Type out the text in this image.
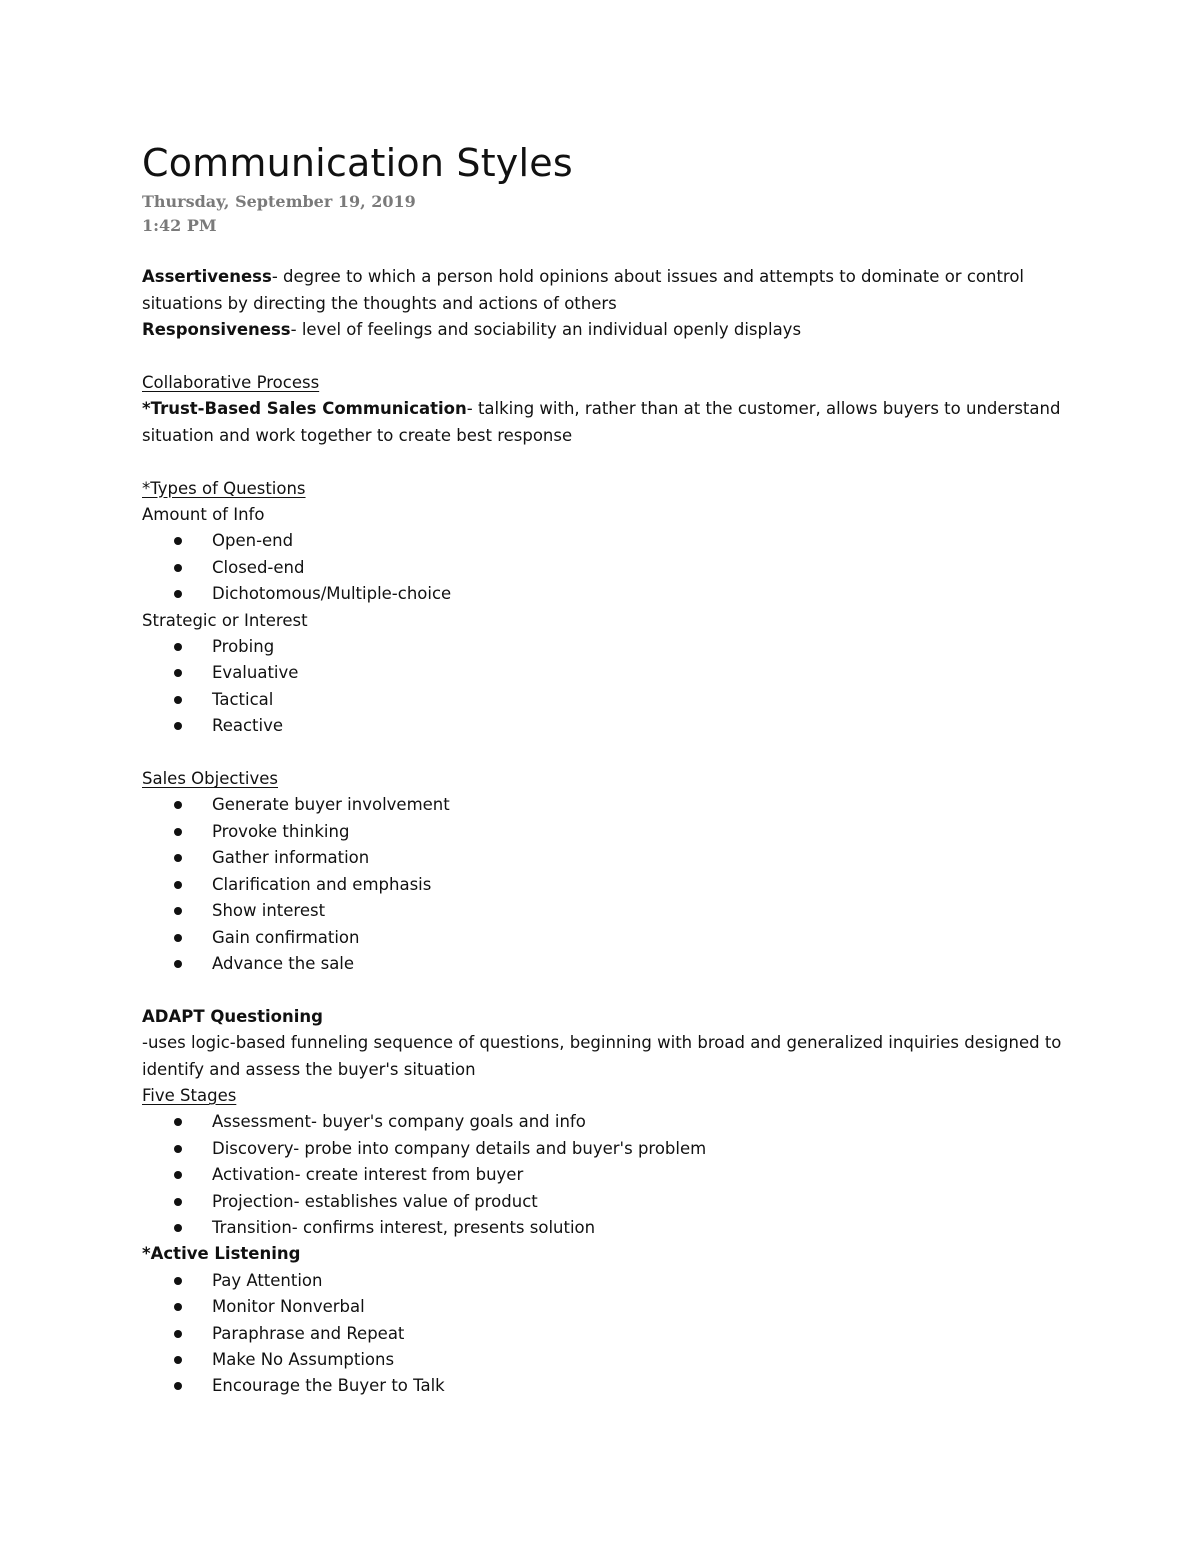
Communication Styles

Thursday, September 19, 2019

1:42 PM

Assertiveness- degree to which a person hold opinions about issues and attempts to dominate or control situations by directing the thoughts and actions of others

Responsiveness- level of feelings and sociability an individual openly displays

Collaborative Process

*Trust-Based Sales Communication- talking with, rather than at the customer, allows buyers to understand situation and work together to create best response

*Types of Questions

Amount of Info

Open-end
Closed-end
Dichotomous/Multiple-choice

Strategic or Interest

Probing
Evaluative
Tactical
Reactive

Sales Objectives

Generate buyer involvement
Provoke thinking
Gather information
Clarification and emphasis
Show interest
Gain confirmation
Advance the sale

ADAPT Questioning

-uses logic-based funneling sequence of questions, beginning with broad and generalized inquiries designed to identify and assess the buyer's situation

Five Stages

Assessment- buyer's company goals and info
Discovery- probe into company details and buyer's problem
Activation- create interest from buyer
Projection- establishes value of product
Transition- confirms interest, presents solution

*Active Listening

Pay Attention
Monitor Nonverbal
Paraphrase and Repeat
Make No Assumptions
Encourage the Buyer to Talk
